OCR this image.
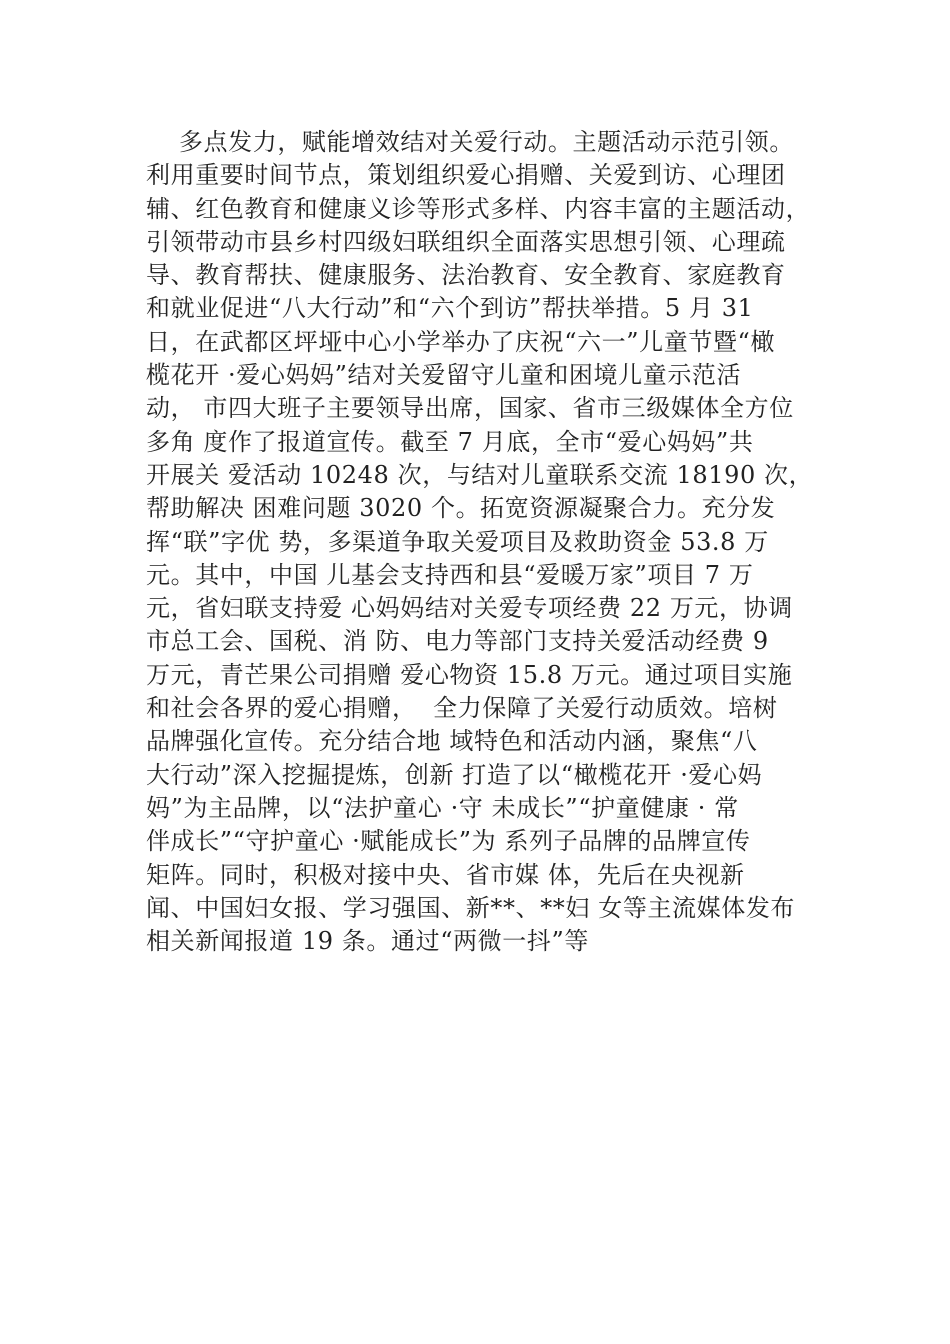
多点发力，赋能增效结对关爱行动。主题活动示范引领。
利用重要时间节点，策划组织爱心捐赠、关爱到访、心理团
辅、红色教育和健康义诊等形式多样、内容丰富的主题活动，
引领带动市县乡村四级妇联组织全面落实思想引领、心理疏
导、教育帮扶、健康服务、法治教育、安全教育、家庭教育
和就业促进“八大行动”和“六个到访”帮扶举措。5 月 31
日，在武都区坪垭中心小学举办了庆祝“六一”儿童节暨“橄
榄花开 ·爱心妈妈”结对关爱留守儿童和困境儿童示范活
动， 市四大班子主要领导出席，国家、省市三级媒体全方位
多角 度作了报道宣传。截至 7 月底，全市“爱心妈妈”共
开展关 爱活动 10248 次，与结对儿童联系交流 18190 次，
帮助解决 困难问题 3020 个。拓宽资源凝聚合力。充分发
挥“联”字优 势，多渠道争取关爱项目及救助资金 53.8 万
元。其中，中国 儿基会支持西和县“爱暖万家”项目 7 万
元，省妇联支持爱 心妈妈结对关爱专项经费 22 万元，协调
市总工会、国税、消 防、电力等部门支持关爱活动经费 9
万元，青芒果公司捐赠 爱心物资 15.8 万元。通过项目实施
和社会各界的爱心捐赠，  全力保障了关爱行动质效。培树
品牌强化宣传。充分结合地 域特色和活动内涵，聚焦“八
大行动”深入挖掘提炼，创新 打造了以“橄榄花开 ·爱心妈
妈”为主品牌，以“法护童心 ·守 未成长”“护童健康 · 常
伴成长”“守护童心 ·赋能成长”为 系列子品牌的品牌宣传
矩阵。同时，积极对接中央、省市媒 体，先后在央视新
闻、中国妇女报、学习强国、新**、**妇 女等主流媒体发布
相关新闻报道 19 条。通过“两微一抖”等
